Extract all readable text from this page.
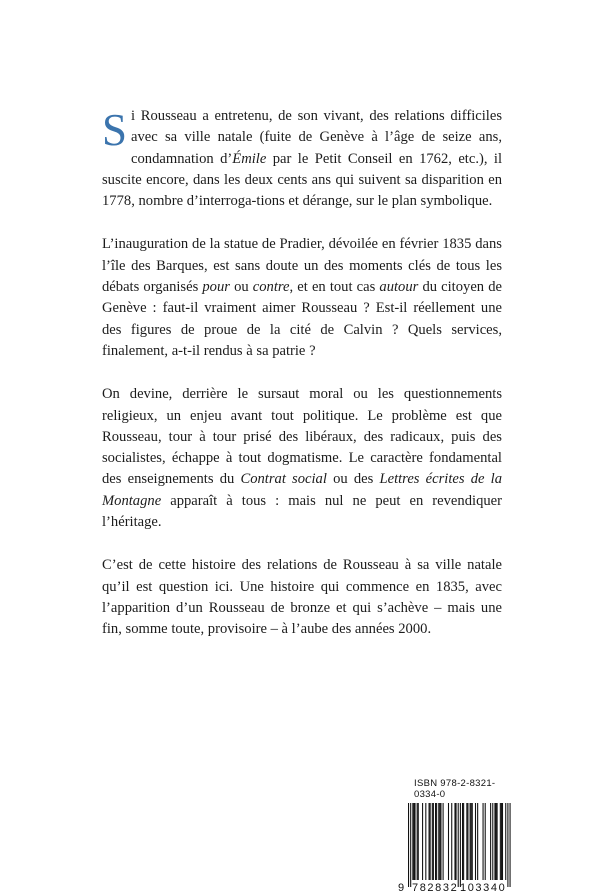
Si Rousseau a entretenu, de son vivant, des relations difficiles avec sa ville natale (fuite de Genève à l’âge de seize ans, condamnation d’Émile par le Petit Conseil en 1762, etc.), il suscite encore, dans les deux cents ans qui suivent sa disparition en 1778, nombre d’interroga-tions et dérange, sur le plan symbolique.

L’inauguration de la statue de Pradier, dévoilée en février 1835 dans l’île des Barques, est sans doute un des moments clés de tous les débats organisés pour ou contre, et en tout cas autour du citoyen de Genève : faut-il vraiment aimer Rousseau ? Est-il réellement une des figures de proue de la cité de Calvin ? Quels services, finalement, a-t-il rendus à sa patrie ?

On devine, derrière le sursaut moral ou les questionnements religieux, un enjeu avant tout politique. Le problème est que Rousseau, tour à tour prisé des libéraux, des radicaux, puis des socialistes, échappe à tout dogmatisme. Le caractère fondamental des enseignements du Contrat social ou des Lettres écrites de la Montagne apparaît à tous : mais nul ne peut en revendiquer l’héritage.

C’est de cette histoire des relations de Rousseau à sa ville natale qu’il est question ici. Une histoire qui commence en 1835, avec l’apparition d’un Rousseau de bronze et qui s’achève – mais une fin, somme toute, provisoire – à l’aube des années 2000.

ISBN 978-2-8321-0334-0
9 782832 103340
